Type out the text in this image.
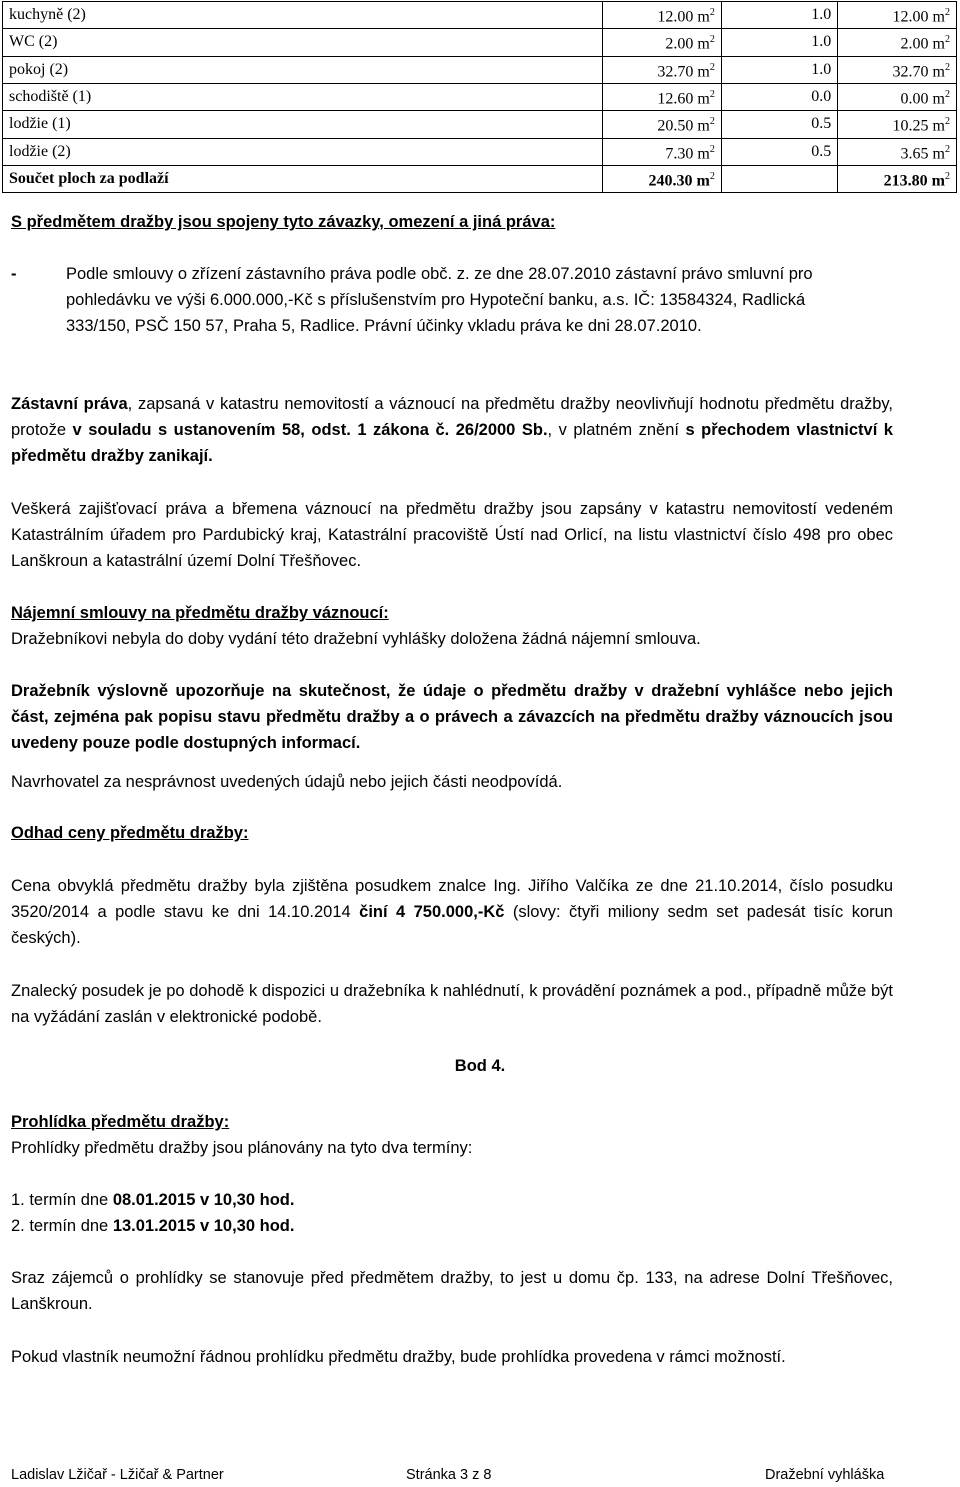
kuchyně (2)	12.00 $m^2$	1.0	12.00 $m^2$
WC (2)	2.00 $m^2$	1.0	2.00 $m^2$
pokoj (2)	32.70 $m^2$	1.0	32.70 $m^2$
schodiště (1)	12.60 $m^2$	0.0	0.00 $m^2$
lodžie (1)	20.50 $m^2$	0.5	10.25 $m^2$
lodžie (2)	7.30 $m^2$	0.5	3.65 $m^2$
Součet ploch za podlaží	240.30 $m^2$		213.80 $m^2$
S předmětem dražby jsou spojeny tyto závazky, omezení a jiná práva:
-	Podle smlouvy o zřízení zástavního práva podle obč. z. ze dne 28.07.2010 zástavní právo smluvní pro pohledávku ve výši 6.000.000,-Kč s příslušenstvím pro Hypoteční banku, a.s. IČ: 13584324, Radlická 333/150, PSČ 150 57, Praha 5, Radlice. Právní účinky vkladu práva ke dni 28.07.2010.
Zástavní práva, zapsaná v katastru nemovitostí a váznoucí na předmětu dražby neovlivňují hodnotu předmětu dražby, protože v souladu s ustanovením 58, odst. 1 zákona č. 26/2000 Sb., v platném znění s přechodem vlastnictví k předmětu dražby zanikají.
Veškerá zajišťovací práva a břemena váznoucí na předmětu dražby jsou zapsány v katastru nemovitostí vedeném Katastrálním úřadem pro Pardubický kraj, Katastrální pracoviště Ústí nad Orlicí, na listu vlastnictví číslo 498 pro obec Lanškroun a katastrální území Dolní Třešňovec.
Nájemní smlouvy na předmětu dražby váznoucí:
Dražebníkovi nebyla do doby vydání této dražební vyhlášky doložena žádná nájemní smlouva.
Dražebník výslovně upozorňuje na skutečnost, že údaje o předmětu dražby v dražební vyhlášce nebo jejich část, zejména pak popisu stavu předmětu dražby a o právech a závazcích na předmětu dražby váznoucích jsou uvedeny pouze podle dostupných informací.
Navrhovatel za nesprávnost uvedených údajů nebo jejich části neodpovídá.
Odhad ceny předmětu dražby:
Cena obvyklá předmětu dražby byla zjištěna posudkem znalce Ing. Jiřího Valčíka ze dne 21.10.2014, číslo posudku 3520/2014 a podle stavu ke dni 14.10.2014 činí 4 750.000,-Kč (slovy: čtyři miliony sedm set padesát tisíc korun českých).
Znalecký posudek je po dohodě k dispozici u dražebníka k nahlédnutí, k provádění poznámek a pod., případně může být na vyžádání zaslán v elektronické podobě.
Bod 4.
Prohlídka předmětu dražby:
Prohlídky předmětu dražby jsou plánovány na tyto dva termíny:
1. termín dne 08.01.2015 v 10,30 hod.
2. termín dne 13.01.2015 v 10,30 hod.
Sraz zájemců o prohlídky se stanovuje před předmětem dražby, to jest u domu čp. 133, na adrese Dolní Třešňovec, Lanškroun.
Pokud vlastník neumožní řádnou prohlídku předmětu dražby, bude prohlídka provedena v rámci možností.
Ladislav Lžičař - Lžičař & Partner	Stránka 3 z 8	Dražební vyhláška
